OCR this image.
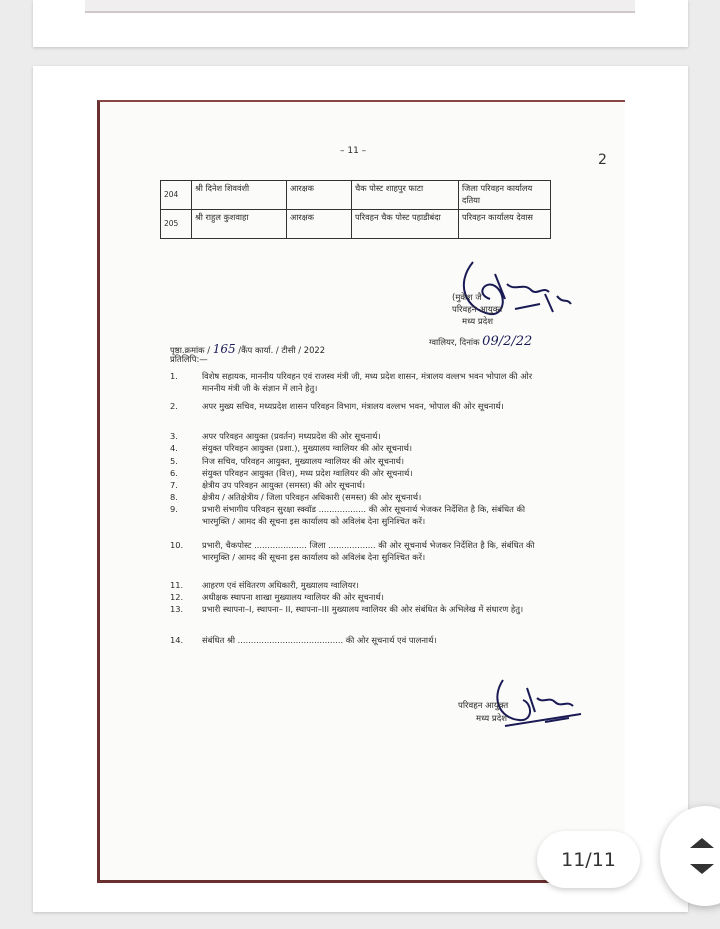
– 11 –
2
204	श्री दिनेश शिववंशी	आरक्षक	चैक पोस्ट शाहपुर फाटा	जिला परिवहन कार्यालय दतिया
205	श्री राहुल कुशवाहा	आरक्षक	परिवहन चैक पोस्ट पहाडीबंदा	परिवहन कार्यालय देवास
(मुकेश जै
परिवहन आयुक्त
मध्य प्रदेश
पृष्ठा.क्रमांक / 165 /कैंप कार्या. / टीसी / 2022
ग्वालियर, दिनांक 09/2/22
प्रतिलिपि:—
1.	विशेष सहायक, माननीय परिवहन एवं राजस्व मंत्री जी, मध्य प्रदेश शासन, मंत्रालय वल्लभ भवन भोपाल की ओर माननीय मंत्री जी के संज्ञान में लाने हेतु।
2.	अपर मुख्य सचिव, मध्यप्रदेश शासन परिवहन विभाग, मंत्रालय वल्लभ भवन, भोपाल की ओर सूचनार्थ।
3.	अपर परिवहन आयुक्त (प्रवर्तन) मध्यप्रदेश की ओर सूचनार्थ।
4.	संयुक्त परिवहन आयुक्त (प्रशा.), मुख्यालय ग्वालियर की ओर सूचनार्थ।
5.	निज सचिव, परिवहन आयुक्त, मुख्यालय ग्वालियर की ओर सूचनार्थ।
6.	संयुक्त परिवहन आयुक्त (वित्त), मध्य प्रदेश ग्वालियर की ओर सूचनार्थ।
7.	क्षेत्रीय उप परिवहन आयुक्त (समस्त) की ओर सूचनार्थ।
8.	क्षेत्रीय / अतिक्षेत्रीय / जिला परिवहन अधिकारी (समस्त) की ओर सूचनार्थ।
9.	प्रभारी संभागीय परिवहन सुरक्षा स्क्वॉड .................. की ओर सूचनार्थ भेजकर निर्देशित है कि, संबंधित की भारमुक्ति / आमद की सूचना इस कार्यालय को अविलंब देना सुनिश्चित करें।
10.	प्रभारी, चैकपोस्ट .................... जिला .................. की ओर सूचनार्थ भेजकर निर्देशित है कि, संबंधित की भारमुक्ति / आमद की सूचना इस कार्यालय को अविलंब देना सुनिश्चित करें।
11.	आहरण एवं संवितरण अधिकारी, मुख्यालय ग्वालियर।
12.	अधीक्षक स्थापना शाखा मुख्यालय ग्वालियर की ओर सूचनार्थ।
13.	प्रभारी स्थापना–I, स्थापना– II, स्थापना–III मुख्यालय ग्वालियर की ओर संबंधित के अभिलेख में संधारण हेतु।
14.	संबंधित श्री ........................................ की ओर सूचनार्थ एवं पालनार्थ।
परिवहन आयुक्त
मध्य प्रदेश
11/11
